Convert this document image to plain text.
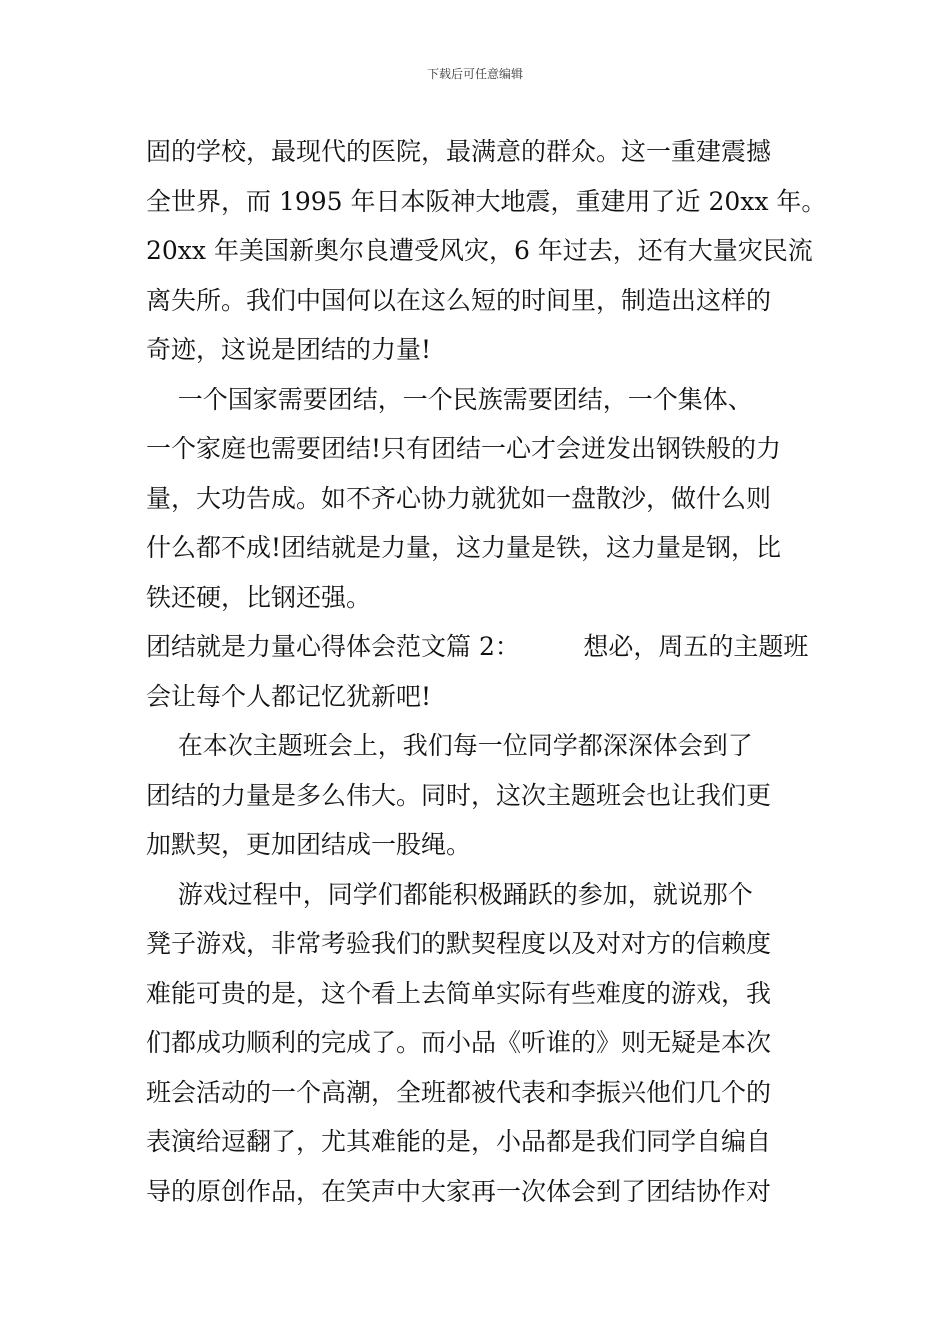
下载后可任意编辑
固的学校，最现代的医院，最满意的群众。这一重建震撼
全世界，而 1995 年日本阪神大地震，重建用了近 20xx 年。
20xx 年美国新奥尔良遭受风灾，6 年过去，还有大量灾民流
离失所。我们中国何以在这么短的时间里，制造出这样的
奇迹，这说是团结的力量!
一个国家需要团结，一个民族需要团结，一个集体、
一个家庭也需要团结!只有团结一心才会迸发出钢铁般的力
量，大功告成。如不齐心协力就犹如一盘散沙，做什么则
什么都不成!团结就是力量，这力量是铁，这力量是钢，比
铁还硬，比钢还强。
团结就是力量心得体会范文篇 2：        想必，周五的主题班
会让每个人都记忆犹新吧!
在本次主题班会上，我们每一位同学都深深体会到了
团结的力量是多么伟大。同时，这次主题班会也让我们更
加默契，更加团结成一股绳。
游戏过程中，同学们都能积极踊跃的参加，就说那个
凳子游戏，非常考验我们的默契程度以及对对方的信赖度
难能可贵的是，这个看上去简单实际有些难度的游戏，我
们都成功顺利的完成了。而小品《听谁的》则无疑是本次
班会活动的一个高潮，全班都被代表和李振兴他们几个的
表演给逗翻了，尤其难能的是，小品都是我们同学自编自
导的原创作品，在笑声中大家再一次体会到了团结协作对
